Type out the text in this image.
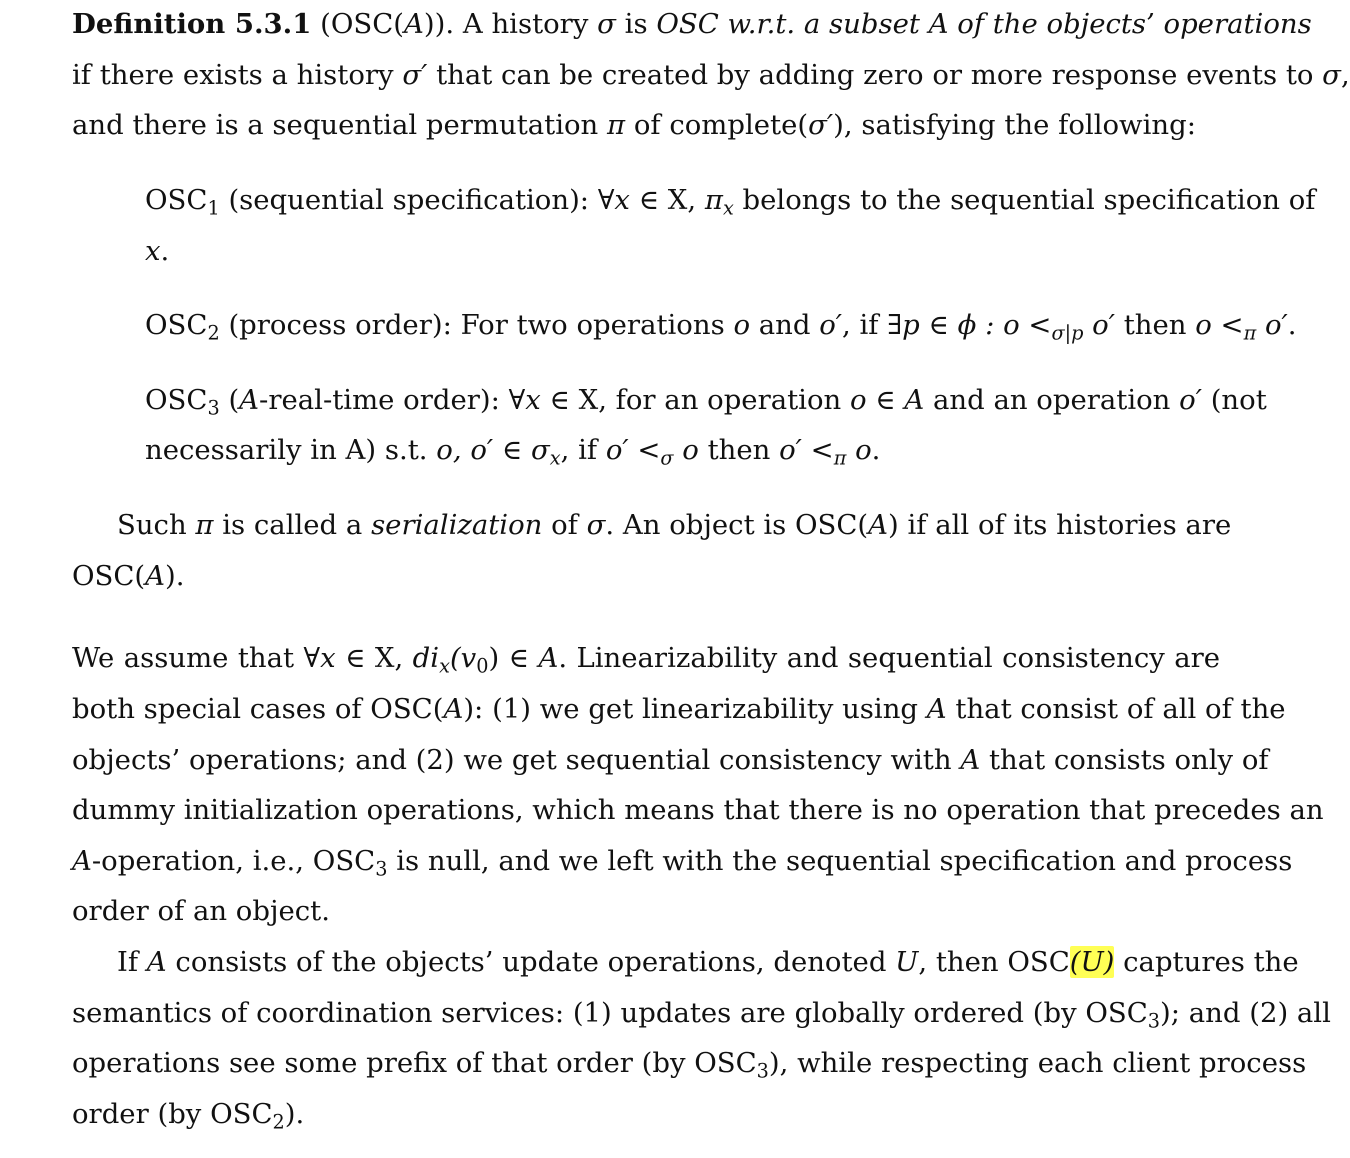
Definition 5.3.1 (OSC(A)). A history σ is OSC w.r.t. a subset A of the objects’ operations

if there exists a history σ′ that can be created by adding zero or more response events to σ,

and there is a sequential permutation π of complete(σ′), satisfying the following:

$OSC_1$ (sequential specification): ∀x ∈ X, $\pi_x$ belongs to the sequential specification of

x.

$OSC_2$ (process order): For two operations o and o′, if ∃p ∈ ϕ : $o <_{\sigma|p}$ o′ then $o <_\pi$ o′.

$OSC_3$ (A-real-time order): ∀x ∈ X, for an operation o ∈ A and an operation o′ (not

necessarily in A) s.t. o, o′ ∈ $\sigma_x$, if $o' <_\sigma$ o then $o' <_\pi$ o.

Such π is called a serialization of σ. An object is OSC(A) if all of its histories are

OSC(A).

We assume that ∀x ∈ X, $di_x(v_0)$ ∈ A. Linearizability and sequential consistency are

both special cases of OSC(A): (1) we get linearizability using A that consist of all of the

objects’ operations; and (2) we get sequential consistency with A that consists only of

dummy initialization operations, which means that there is no operation that precedes an

A-operation, i.e., $OSC_3$ is null, and we left with the sequential specification and process

order of an object.

If A consists of the objects’ update operations, denoted U, then OSC(U) captures the

semantics of coordination services: (1) updates are globally ordered (by $OSC_3$); and (2) all

operations see some prefix of that order (by $OSC_3$), while respecting each client process

order (by $OSC_2$).
